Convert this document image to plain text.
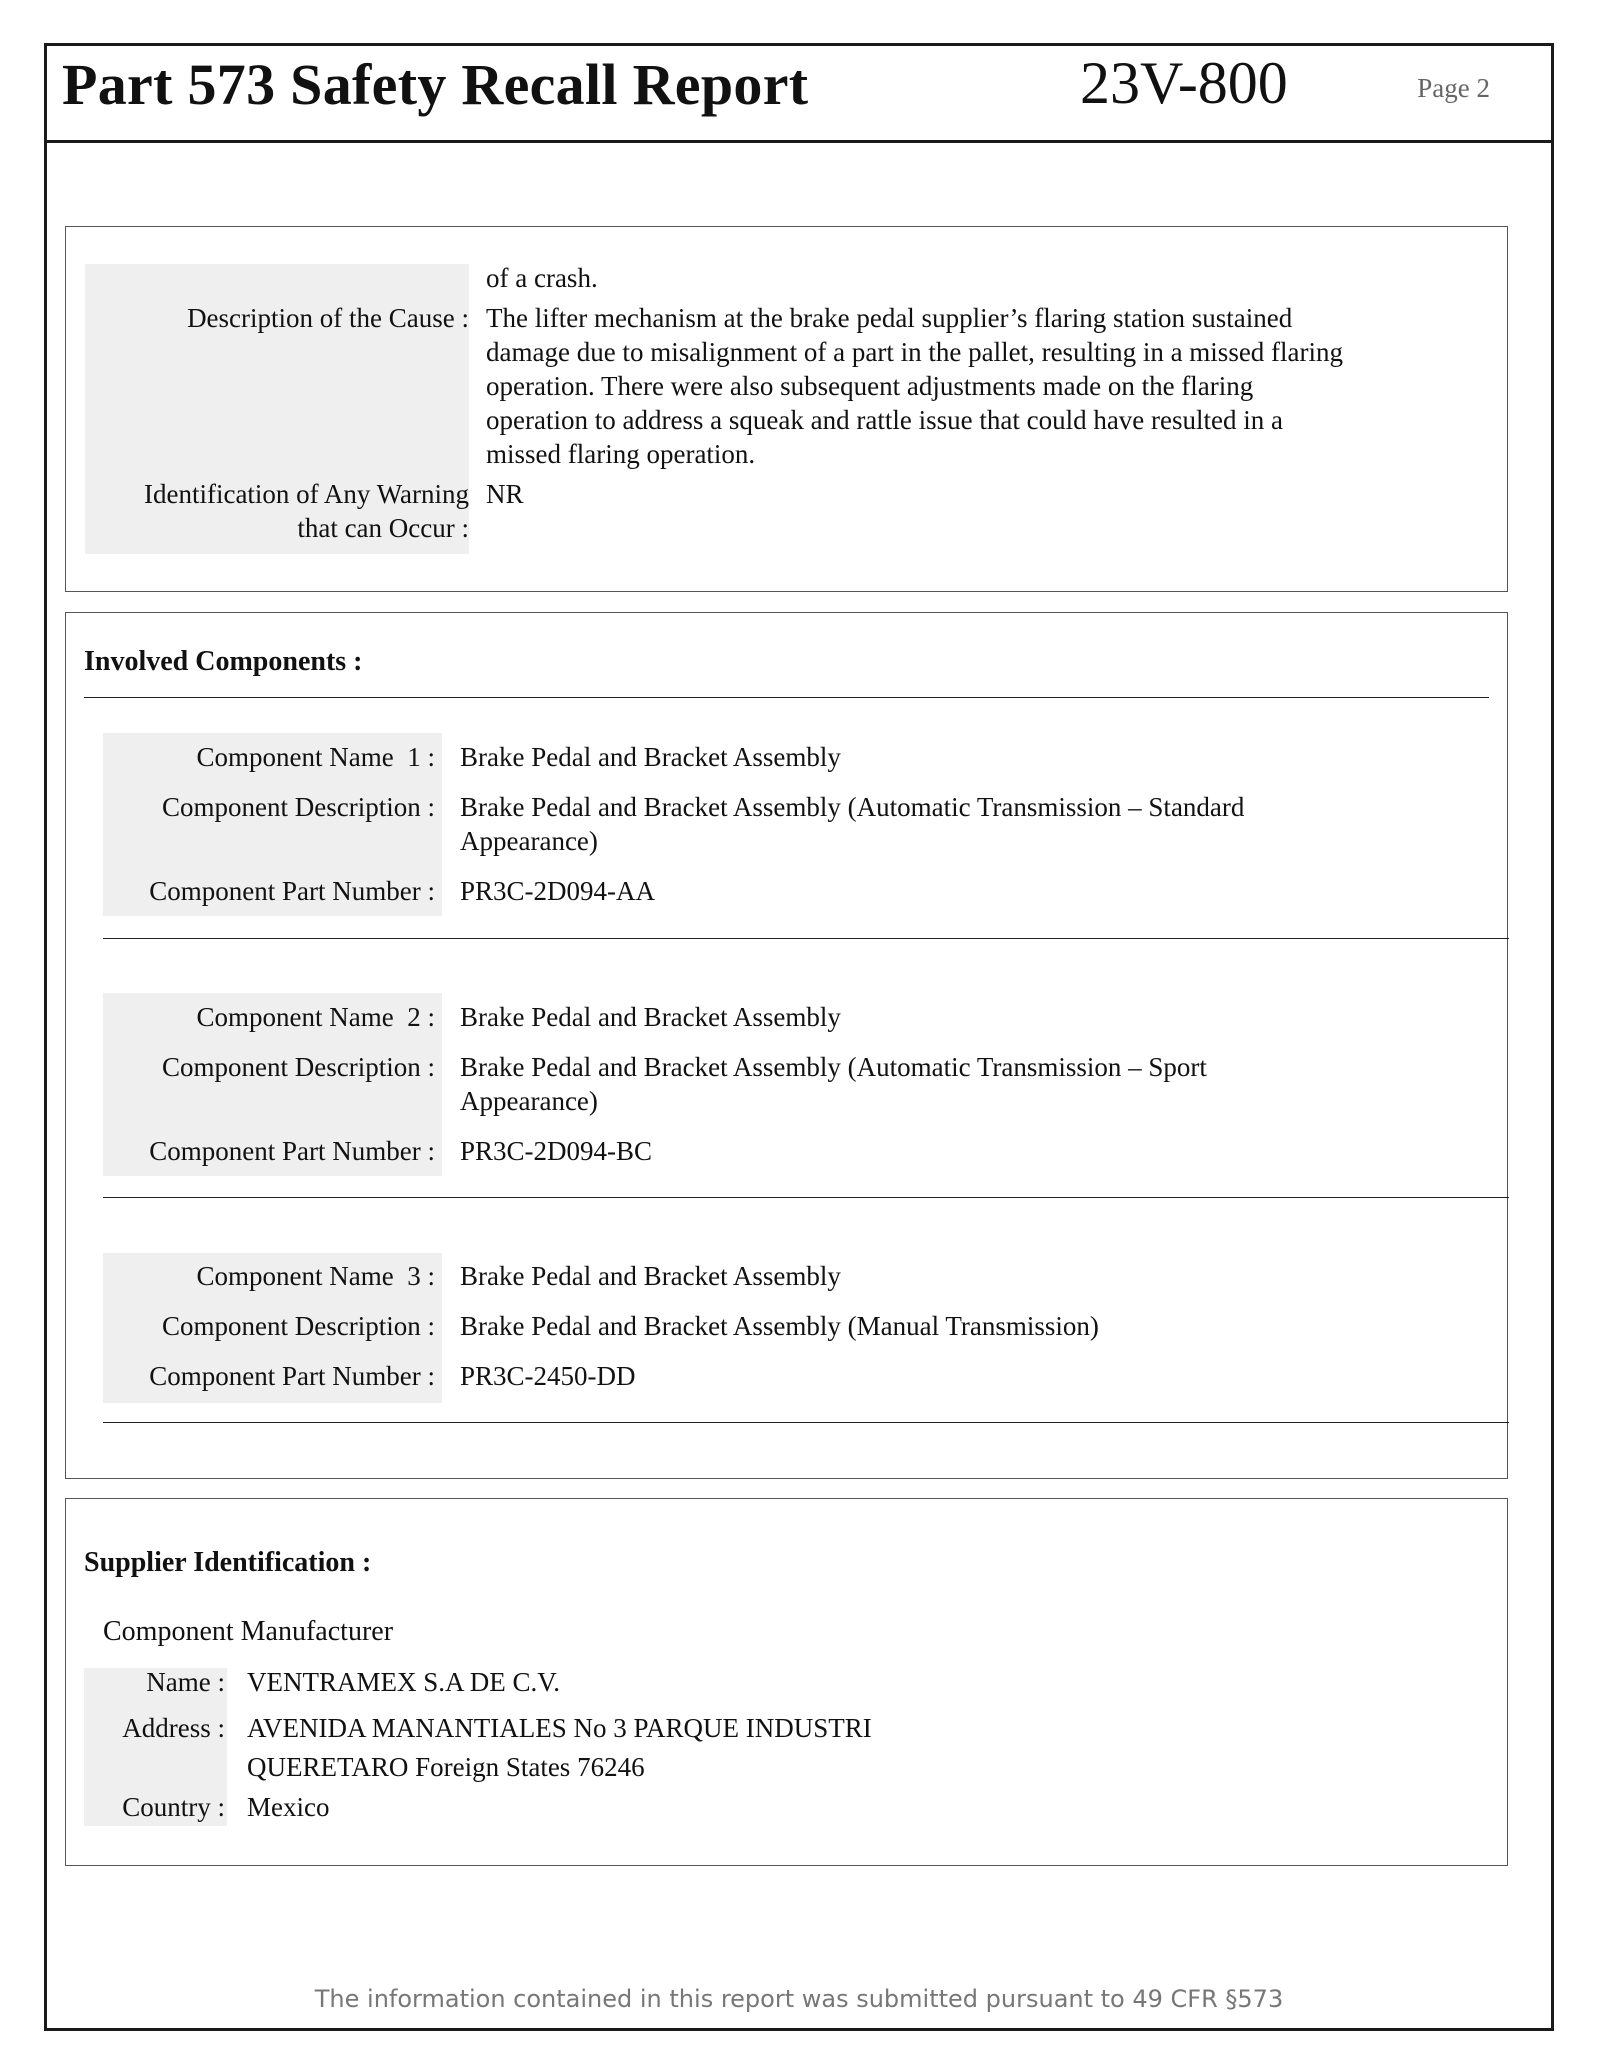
Part 573 Safety Recall Report	23V-800	Page 2
of a crash.
Description of the Cause : The lifter mechanism at the brake pedal supplier’s flaring station sustained
damage due to misalignment of a part in the pallet, resulting in a missed flaring
operation. There were also subsequent adjustments made on the flaring
operation to address a squeak and rattle issue that could have resulted in a
missed flaring operation.
Identification of Any Warning
that can Occur :
NR
Involved Components :
Component Name 1 : Brake Pedal and Bracket Assembly
Component Description : Brake Pedal and Bracket Assembly (Automatic Transmission – Standard
Appearance)
Component Part Number : PR3C-2D094-AA
Component Name 2 : Brake Pedal and Bracket Assembly
Component Description : Brake Pedal and Bracket Assembly (Automatic Transmission – Sport
Appearance)
Component Part Number : PR3C-2D094-BC
Component Name 3 : Brake Pedal and Bracket Assembly
Component Description : Brake Pedal and Bracket Assembly (Manual Transmission)
Component Part Number : PR3C-2450-DD
Supplier Identification :
Component Manufacturer
Name : VENTRAMEX S.A DE C.V.
Address : AVENIDA MANANTIALES No 3 PARQUE INDUSTRI
QUERETARO Foreign States 76246
Country : Mexico
The information contained in this report was submitted pursuant to 49 CFR §573
